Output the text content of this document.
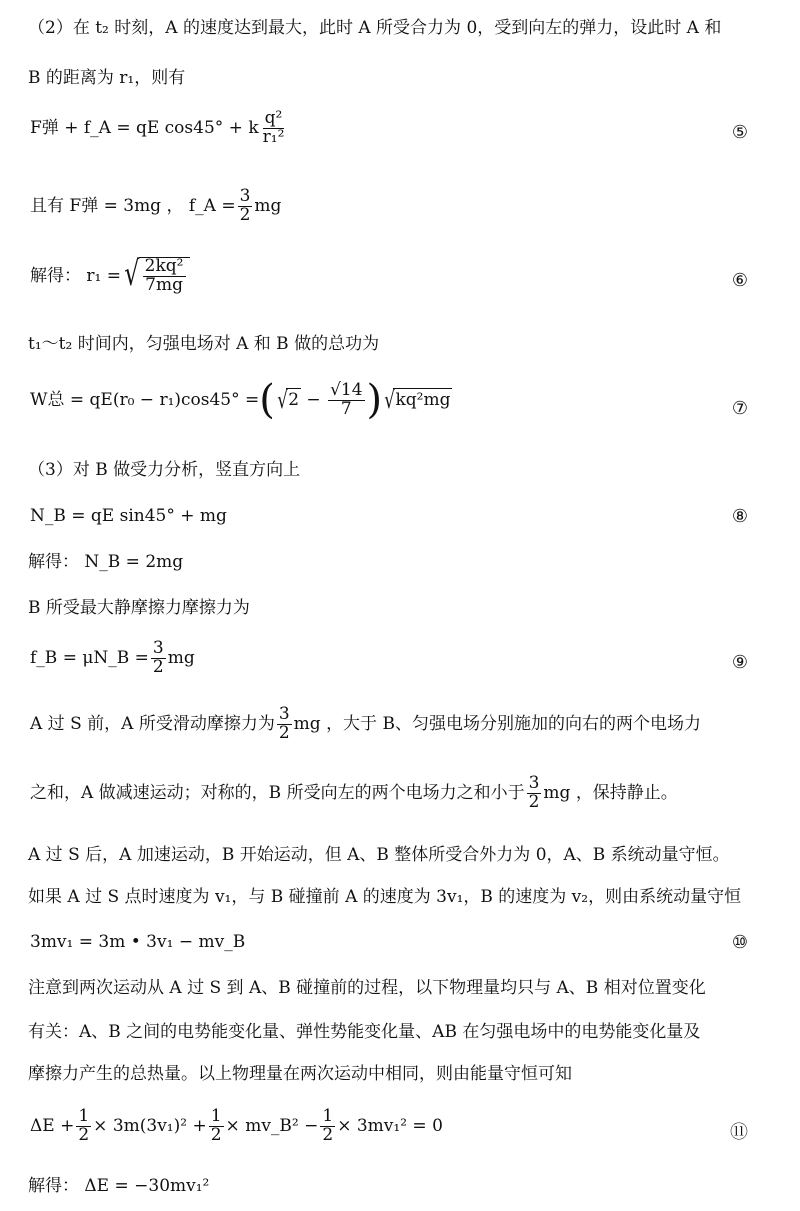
（2）在 t₂ 时刻，A 的速度达到最大，此时 A 所受合力为 0，受到向左的弹力，设此时 A 和
B 的距离为 r₁，则有
F弹 + f_A = qE cos45° + k $\frac{\text{q²}}{\text{r₁²}}$	⑤
且有 F弹 = 3mg ， f_A = $\frac{3}{2}$ mg
解得： r₁ = √ $\frac{\text{2kq²}}{7mg}$	⑥
t₁～t₂ 时间内，匀强电场对 A 和 B 做的总功为
W总 = qE(r₀ − r₁)cos45° = ( √ $2 - \frac{√14}{7}$ ) √ kq²mg	⑦
（3）对 B 做受力分析，竖直方向上
N_B = qE sin45° + mg	⑧
解得： N_B = 2mg
B 所受最大静摩擦力摩擦力为
f_B = μN_B = $\frac{3}{2}$ mg	⑨
A 过 S 前，A 所受滑动摩擦力为 $\frac{3}{2}$ mg ，大于 B、匀强电场分别施加的向右的两个电场力
之和，A 做减速运动；对称的，B 所受向左的两个电场力之和小于 $\frac{3}{2}$ mg ，保持静止。
A 过 S 后，A 加速运动，B 开始运动，但 A、B 整体所受合外力为 0，A、B 系统动量守恒。
如果 A 过 S 点时速度为 v₁，与 B 碰撞前 A 的速度为 3v₁，B 的速度为 v₂，则由系统动量守恒
3mv₁ = 3m • 3v₁ − mv_B	⑩
注意到两次运动从 A 过 S 到 A、B 碰撞前的过程，以下物理量均只与 A、B 相对位置变化
有关：A、B 之间的电势能变化量、弹性势能变化量、AB 在匀强电场中的电势能变化量及
摩擦力产生的总热量。以上物理量在两次运动中相同，则由能量守恒可知
$\Delta E + \frac{1}{2} \times 3m(3v_1)^2 + \frac{1}{2}$ × mv_B² − $\frac{1}{2} \times 3mv_1^2 = 0$	⑪
解得： ΔE = −30mv₁²
